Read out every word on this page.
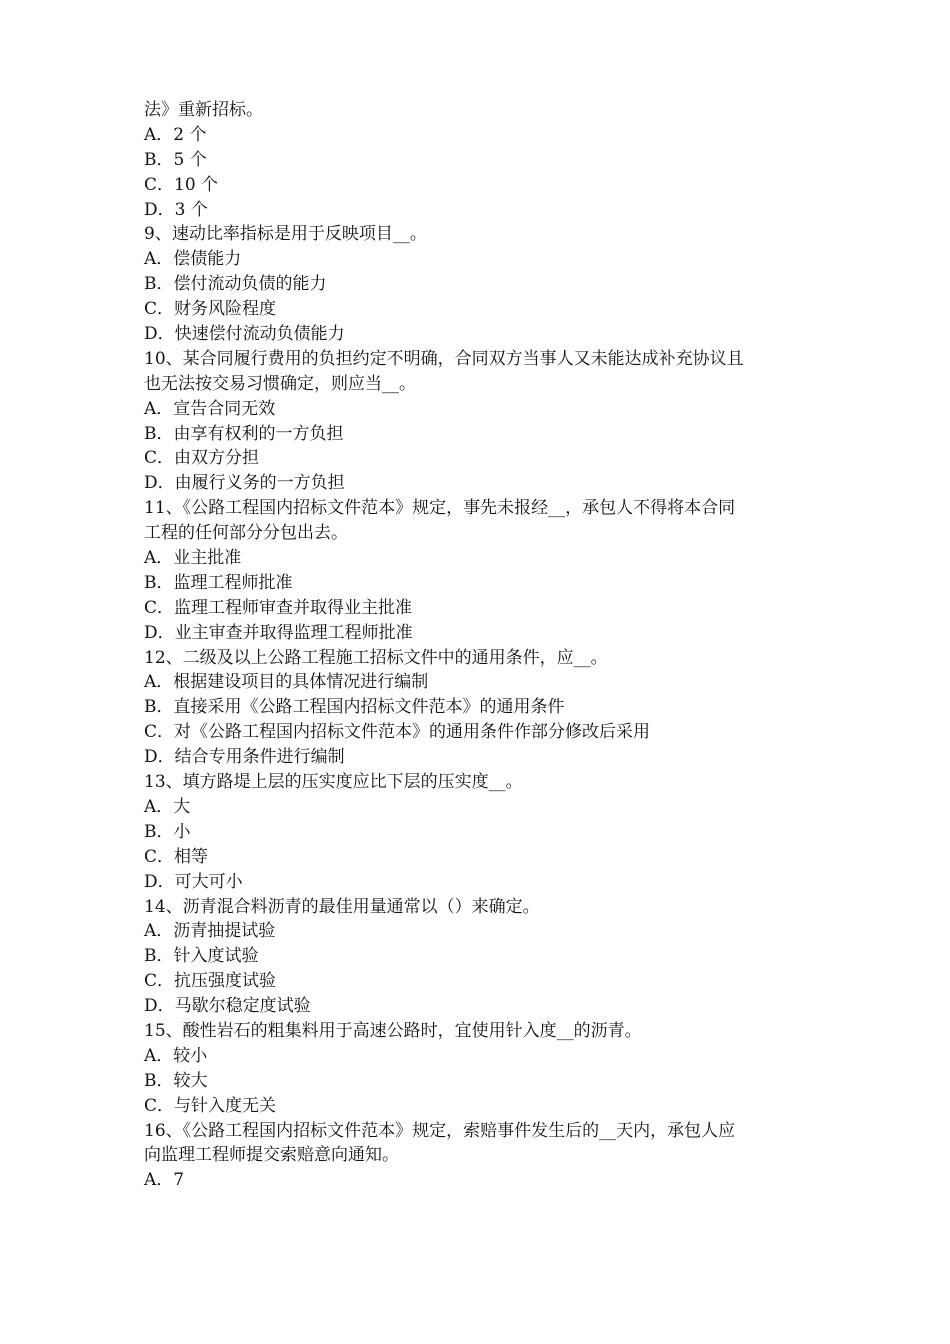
法》重新招标。
A．2 个
B．5 个
C．10 个
D．3 个
9、速动比率指标是用于反映项目__。
A．偿债能力
B．偿付流动负债的能力
C．财务风险程度
D．快速偿付流动负债能力
10、某合同履行费用的负担约定不明确，合同双方当事人又未能达成补充协议且
也无法按交易习惯确定，则应当__。
A．宣告合同无效
B．由享有权利的一方负担
C．由双方分担
D．由履行义务的一方负担
11、《公路工程国内招标文件范本》规定，事先未报经__，承包人不得将本合同
工程的任何部分分包出去。
A．业主批准
B．监理工程师批准
C．监理工程师审查并取得业主批准
D．业主审查并取得监理工程师批准
12、二级及以上公路工程施工招标文件中的通用条件，应__。
A．根据建设项目的具体情况进行编制
B．直接采用《公路工程国内招标文件范本》的通用条件
C．对《公路工程国内招标文件范本》的通用条件作部分修改后采用
D．结合专用条件进行编制
13、填方路堤上层的压实度应比下层的压实度__。
A．大
B．小
C．相等
D．可大可小
14、沥青混合料沥青的最佳用量通常以（）来确定。
A．沥青抽提试验
B．针入度试验
C．抗压强度试验
D．马歇尔稳定度试验
15、酸性岩石的粗集料用于高速公路时，宜使用针入度__的沥青。
A．较小
B．较大
C．与针入度无关
16、《公路工程国内招标文件范本》规定，索赔事件发生后的__天内，承包人应
向监理工程师提交索赔意向通知。
A．7
